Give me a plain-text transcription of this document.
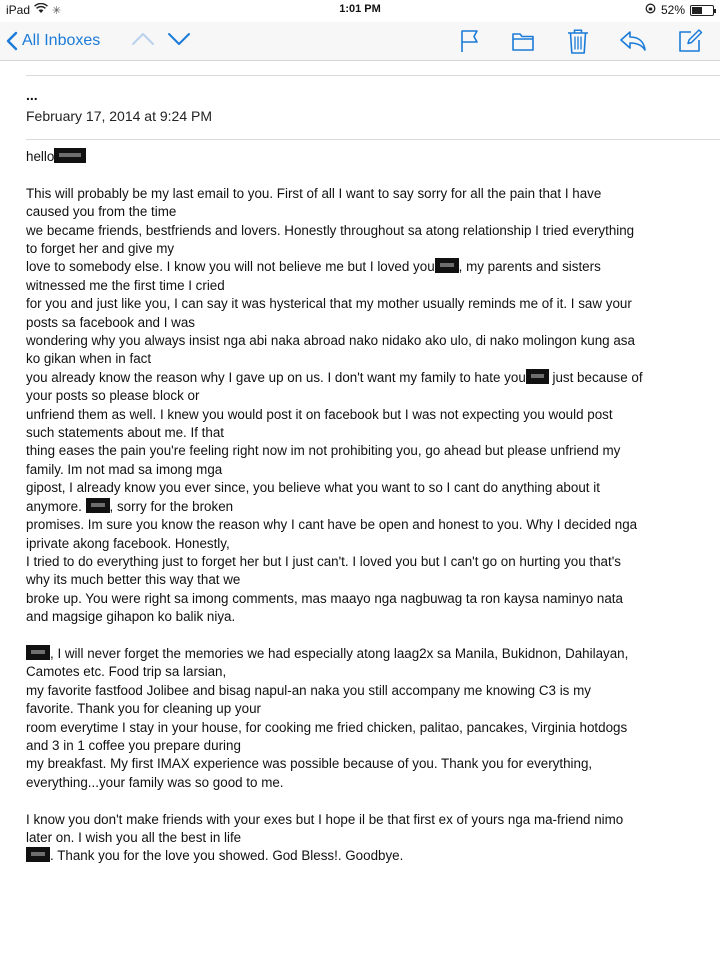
iPad ✳	1:01 PM	52%
All Inboxes
...
February 17, 2014 at 9:24 PM

hello

This will probably be my last email to you. First of all I want to say sorry for all the pain that I have
caused you from the time
we became friends, bestfriends and lovers. Honestly throughout sa atong relationship I tried everything
to forget her and give my
love to somebody else. I know you will not believe me but I loved you , my parents and sisters
witnessed me the first time I cried
for you and just like you, I can say it was hysterical that my mother usually reminds me of it. I saw your
posts sa facebook and I was
wondering why you always insist nga abi naka abroad nako nidako ako ulo, di nako molingon kung asa
ko gikan when in fact
you already know the reason why I gave up on us. I don't want my family to hate you just because of
your posts so please block or
unfriend them as well. I knew you would post it on facebook but I was not expecting you would post
such statements about me. If that
thing eases the pain you're feeling right now im not prohibiting you, go ahead but please unfriend my
family. Im not mad sa imong mga
gipost, I already know you ever since, you believe what you want to so I cant do anything about it
anymore. , sorry for the broken
promises. Im sure you know the reason why I cant have be open and honest to you. Why I decided nga
iprivate akong facebook. Honestly,
I tried to do everything just to forget her but I just can't. I loved you but I can't go on hurting you that's
why its much better this way that we
broke up. You were right sa imong comments, mas maayo nga nagbuwag ta ron kaysa naminyo nata
and magsige gihapon ko balik niya.

, I will never forget the memories we had especially atong laag2x sa Manila, Bukidnon, Dahilayan,
Camotes etc. Food trip sa larsian,
my favorite fastfood Jolibee and bisag napul-an naka you still accompany me knowing C3 is my
favorite. Thank you for cleaning up your
room everytime I stay in your house, for cooking me fried chicken, palitao, pancakes, Virginia hotdogs
and 3 in 1 coffee you prepare during
my breakfast. My first IMAX experience was possible because of you. Thank you for everything,
everything...your family was so good to me.

I know you don't make friends with your exes but I hope il be that first ex of yours nga ma-friend nimo
later on. I wish you all the best in life
. Thank you for the love you showed. God Bless!. Goodbye.
